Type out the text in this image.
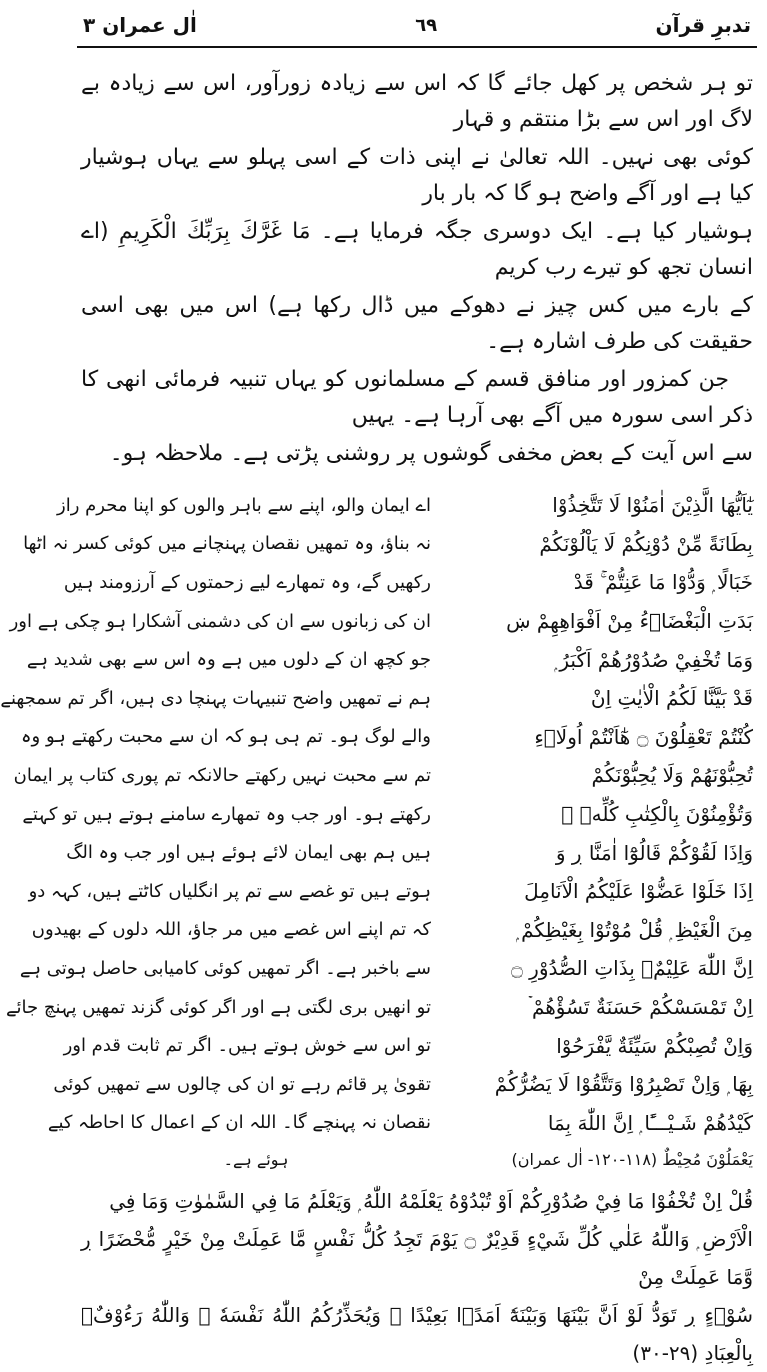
تدبرِ قرآن
٦٩
اٰل عمران ٣

تو ہر شخص پر کھل جائے گا کہ اس سے زیادہ زورآور، اس سے زیادہ بے لاگ اور اس سے بڑا منتقم و قہار

کوئی بھی نہیں۔ اللہ تعالیٰ نے اپنی ذات کے اسی پہلو سے یہاں ہوشیار کیا ہے اور آگے واضح ہو گا کہ بار بار

ہوشیار کیا ہے۔ ایک دوسری جگہ فرمایا ہے۔ مَا غَرَّكَ بِرَبِّكَ الْكَرِيمِ (اے انسان تجھ کو تیرے رب کریم

کے بارے میں کس چیز نے دھوکے میں ڈال رکھا ہے) اس میں بھی اسی حقیقت کی طرف اشارہ ہے۔

جن کمزور اور منافق قسم کے مسلمانوں کو یہاں تنبیہ فرمائی انھی کا ذکر اسی سورہ میں آگے بھی آرہا ہے۔ یہیں

سے اس آیت کے بعض مخفی گوشوں پر روشنی پڑتی ہے۔ ملاحظہ ہو۔

يٰٓاَيُّهَا الَّذِيْنَ اٰمَنُوْا لَا تَتَّخِذُوْا
اے ایمان والو، اپنے سے باہر والوں کو اپنا محرم راز
بِطَانَةً مِّنْ دُوْنِكُمْ لَا يَاْلُوْنَكُمْ
نہ بناؤ، وہ تمھیں نقصان پہنچانے میں کوئی کسر نہ اٹھا
خَبَالًا ۭ وَدُّوْا مَا عَنِتُّمْ ۚ قَدْ
رکھیں گے، وہ تمھارے لیے زحمتوں کے آرزومند ہیں
بَدَتِ الْبَغْضَاۗءُ مِنْ اَفْوَاهِهِمْ ښ
ان کی زبانوں سے ان کی دشمنی آشکارا ہو چکی ہے اور
وَمَا تُخْفِيْ صُدُوْرُھُمْ اَكْبَرُ ۭ
جو کچھ ان کے دلوں میں ہے وہ اس سے بھی شدید ہے
قَدْ بَيَّنَّا لَكُمُ الْاٰيٰتِ اِنْ
ہم نے تمھیں واضح تنبیہات پہنچا دی ہیں، اگر تم سمجھنے
كُنْتُمْ تَعْقِلُوْنَ ۝ ھٰٓاَنْتُمْ اُولَاۗءِ
والے لوگ ہو۔ تم ہی ہو کہ ان سے محبت رکھتے ہو وہ
تُحِبُّوْنَھُمْ وَلَا يُحِبُّوْنَكُمْ
تم سے محبت نہیں رکھتے حالانکہ تم پوری کتاب پر ایمان
وَتُؤْمِنُوْنَ بِالْكِتٰبِ كُلِّهٖ ۚ
رکھتے ہو۔ اور جب وہ تمھارے سامنے ہوتے ہیں تو کہتے
وَاِذَا لَقُوْكُمْ قَالُوْٓا اٰمَنَّا ڔ وَ
ہیں ہم بھی ایمان لائے ہوئے ہیں اور جب وہ الگ
اِذَا خَلَوْا عَضُّوْا عَلَيْكُمُ الْاَنَامِلَ
ہوتے ہیں تو غصے سے تم پر انگلیاں کاٹتے ہیں، کہہ دو
مِنَ الْغَيْظِ ۭ قُلْ مُوْتُوْا بِغَيْظِكُمْ ۭ
کہ تم اپنے اس غصے میں مر جاؤ، اللہ دلوں کے بھیدوں
اِنَّ اللّٰهَ عَلِيْمٌۢ بِذَاتِ الصُّدُوْرِ ۝
سے باخبر ہے۔ اگر تمھیں کوئی کامیابی حاصل ہوتی ہے
اِنْ تَمْسَسْكُمْ حَسَنَةٌ تَسُؤْھُمْ ۡ
تو انھیں بری لگتی ہے اور اگر کوئی گزند تمھیں پہنچ جائے
وَاِنْ تُصِبْكُمْ سَيِّئَةٌ يَّفْرَحُوْا
تو اس سے خوش ہوتے ہیں۔ اگر تم ثابت قدم اور
بِهَا ۭ وَاِنْ تَصْبِرُوْا وَتَتَّقُوْا لَا يَضُرُّكُمْ
تقویٰ پر قائم رہے تو ان کی چالوں سے تمھیں کوئی
كَيْدُھُمْ شَـيْـــًٔا ۭ اِنَّ اللّٰهَ بِمَا
نقصان نہ پہنچے گا۔ اللہ ان کے اعمال کا احاطہ کیے
يَعْمَلُوْنَ مُحِيْطٌ (١١٨-١٢٠- اٰل عمران)
ہوئے ہے۔

قُلْ اِنْ تُخْفُوْا مَا فِيْ صُدُوْرِكُمْ اَوْ تُبْدُوْهُ يَعْلَمْهُ اللّٰهُ ۭ وَيَعْلَمُ مَا فِي السَّمٰوٰتِ وَمَا فِي

الْاَرْضِ ۭ وَاللّٰهُ عَلٰي كُلِّ شَيْءٍ قَدِيْرٌ ۝ يَوْمَ تَجِدُ كُلُّ نَفْسٍ مَّا عَمِلَتْ مِنْ خَيْرٍ مُّحْضَرًا ڔ وَّمَا عَمِلَتْ مِنْ

سُوْۗءٍ ڔ تَوَدُّ لَوْ اَنَّ بَيْنَهَا وَبَيْنَهٗٓ اَمَدًۢا بَعِيْدًا ۭ وَيُحَذِّرُكُمُ اللّٰهُ نَفْسَهٗ ۭ وَاللّٰهُ رَءُوْفٌۢ بِالْعِبَادِ (٢٩-٣٠)
